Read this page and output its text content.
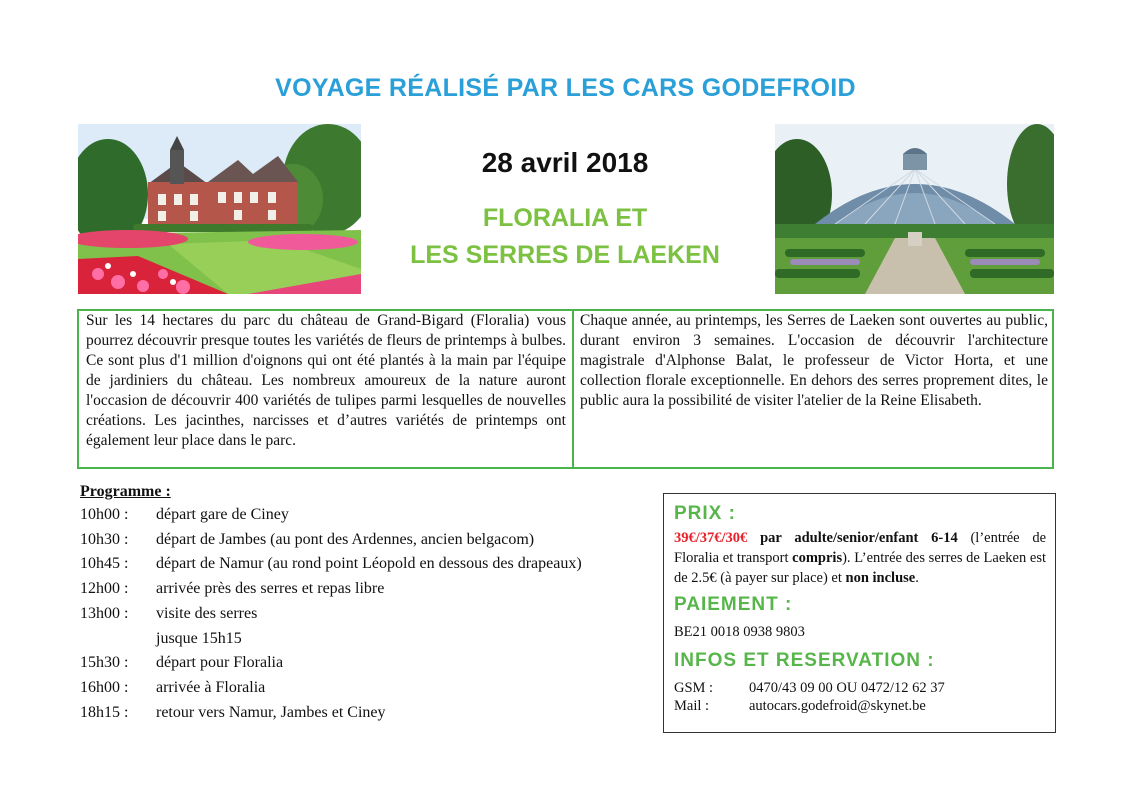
VOYAGE RÉALISÉ PAR LES CARS GODEFROID
28 avril 2018
FLORALIA ET
LES SERRES DE LAEKEN
Sur les 14 hectares du parc du château de Grand-Bigard (Floralia) vous pourrez découvrir presque toutes les variétés de fleurs de printemps à bulbes. Ce sont plus d'1 million d'oignons qui ont été plantés à la main par l'équipe de jardiniers du château. Les nombreux amoureux de la nature auront l'occasion de découvrir 400 variétés de tulipes parmi lesquelles de nouvelles créations. Les jacinthes, narcisses et d’autres variétés de printemps ont également leur place dans le parc.
Chaque année, au printemps, les Serres de Laeken sont ouvertes au public, durant environ 3 semaines. L'occasion de découvrir l'architecture magistrale d'Alphonse Balat, le professeur de Victor Horta, et une collection florale exceptionnelle. En dehors des serres proprement dites, le public aura la possibilité de visiter l'atelier de la Reine Elisabeth.
Programme :
10h00 : départ gare de Ciney
10h30 : départ de Jambes (au pont des Ardennes, ancien belgacom)
10h45 : départ de Namur (au rond point Léopold en dessous des drapeaux)
12h00 : arrivée près des serres et repas libre
13h00 : visite des serres
jusque 15h15
15h30 : départ pour Floralia
16h00 : arrivée à Floralia
18h15 : retour vers Namur, Jambes et Ciney
PRIX :
39€/37€/30€ par adulte/senior/enfant 6-14 (l’entrée de Floralia et transport compris). L’entrée des serres de Laeken est de 2.5€ (à payer sur place) et non incluse.
PAIEMENT :
BE21 0018 0938 9803
INFOS ET RESERVATION :
GSM : 0470/43 09 00 OU 0472/12 62 37
Mail :	autocars.godefroid@skynet.be
